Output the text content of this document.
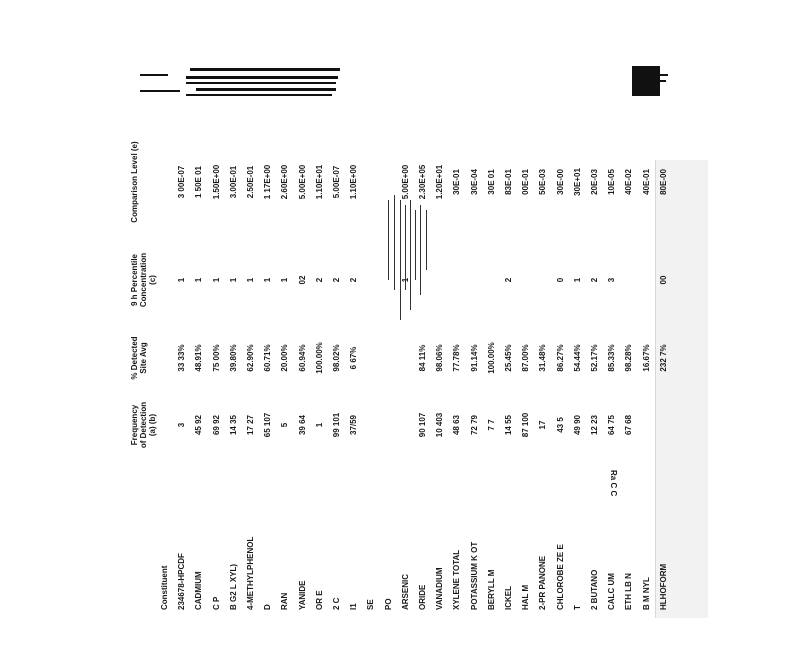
Ra C C
Frequency of Detection (a) (b)
% Detected Site Avg
9 h Percentile Concentration (c)
Comparison Level (e)
Constituent 234678-HPCDF
3
33 33%
1
3 00E-07
CADMIUM
45 92
48.91%
1
1 50E 01
C P
69 92
75 00%
1
1.50E+00
B G2 L XYL)
14 35
39.80%
1
3.00E-01
4-METHYLPHENOL
17 27
62.90%
1
2.50E-01
D
65 107
60.71%
1
1 17E+00
RAN
5
20.00%
1
2.60E+00
YANIDE
39 64
60.94%
02
5.00E+00
OR E
1
100.00%
2
1.10E+01
2 C
99 101
98.02%
2
5.00E-07
I1
37/59
6 67%
2
1.10E+00
SE PO ARSENIC
1
5.00E+00
ORIDE
90 107
84 11%
2.30E+05
VANADIUM
10 403
98.06%
1.20E+01
XYLENE TOTAL
48 63
77.78%
30E-01
POTASSIUM K OT
72 79
91.14%
30E-04
BERYLL M
7 7
100.00%
30E 01
ICKEL
14 55
25.45%
2
83E-01
HAL M
87 100
87.00%
00E-01
2-PR PANONE
17
31.48%
50E-03
CHLOROBE ZE E
43 5
86.27%
0
30E-00
T
49 90
54.44%
1
30E+01
2 BUTANO
12 23
52.17%
2
20E-03
CALC UM
64 75
85.33%
3
10E-05
ETH LB N
67 68
98.28%
40E-02
B M NYL
16.67%
40E-01
HLHOFORM
232 7%
00
80E-00
